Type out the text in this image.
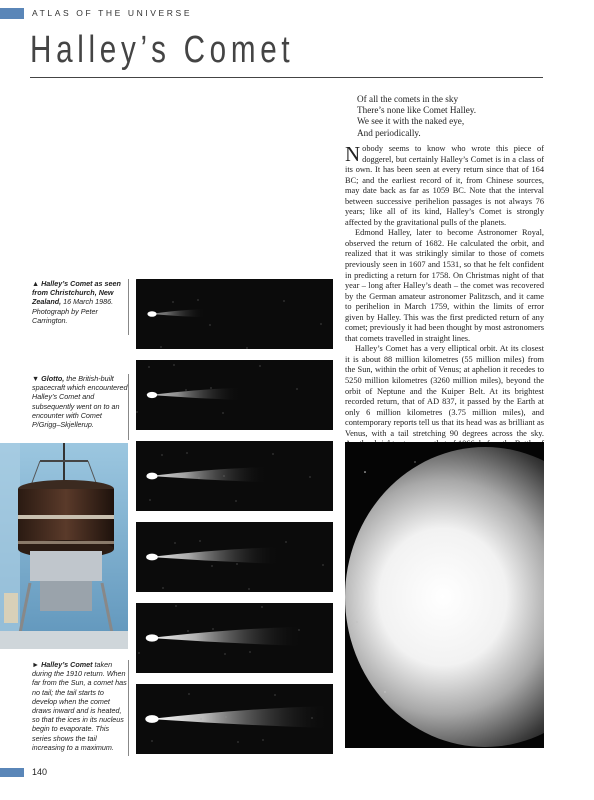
ATLAS OF THE UNIVERSE
Halley’s Comet
Of all the comets in the sky
There’s none like Comet Halley.
We see it with the naked eye,
And periodically.

Nobody seems to know who wrote this piece of doggerel, but certainly Halley’s Comet is in a class of its own. It has been seen at every return since that of 164 BC; and the earliest record of it, from Chinese sources, may date back as far as 1059 BC. Note that the interval between successive perihelion passages is not always 76 years; like all of its kind, Halley’s Comet is strongly affected by the gravitational pulls of the planets.

Edmond Halley, later to become Astronomer Royal, observed the return of 1682. He calculated the orbit, and realized that it was strikingly similar to those of comets previously seen in 1607 and 1531, so that he felt confident in predicting a return for 1758. On Christmas night of that year – long after Halley’s death – the comet was recovered by the German amateur astronomer Palitzsch, and it came to perihelion in March 1759, within the limits of error given by Halley. This was the first predicted return of any comet; previously it had been thought by most astronomers that comets travelled in straight lines.

Halley’s Comet has a very elliptical orbit. At its closest it is about 88 million kilometres (55 million miles) from the Sun, within the orbit of Venus; at aphelion it recedes to 5250 million kilometres (3260 million miles), beyond the orbit of Neptune and the Kuiper Belt. At its brightest recorded return, that of AD 837, it passed by the Earth at only 6 million kilometres (3.75 million miles), and contemporary reports tell us that its head was as brilliant as Venus, with a tail stretching 90 degrees across the sky.

▲ Halley’s Comet as seen from Christchurch, New Zealand, 16 March 1986. Photograph by Peter Carrington.
▼ Glotto, the British-built spacecraft which encountered Halley’s Comet and subsequently went on to an encounter with Comet P/Grigg–Skjellerup.
► Halley’s Comet taken during the 1910 return. When far from the Sun, a comet has no tail; the tail starts to develop when the comet draws inward and is heated, so that the ices in its nucleus begin to evaporate. This series shows the tail increasing to a maximum.
140
